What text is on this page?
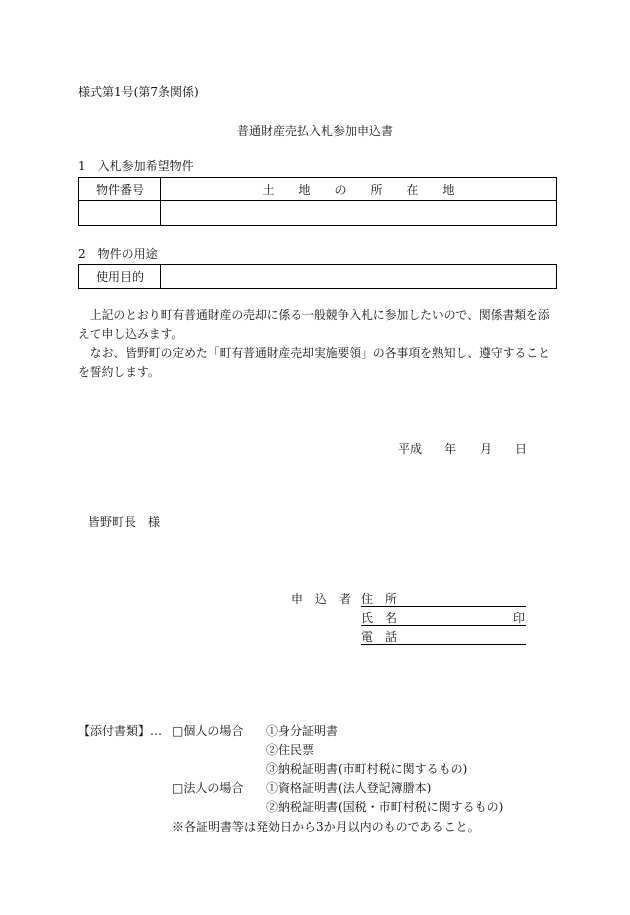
様式第1号(第7条関係)
普通財産売払入札参加申込書
1　入札参加希望物件
物件番号	土　　地　　の　　所　　在　　地
2　物件の用途
使用目的

　上記のとおり町有普通財産の売却に係る一般競争入札に参加したいので、関係書類を添えて申し込みます。

　なお、皆野町の定めた「町有普通財産売却実施要領」の各事項を熟知し、遵守することを誓約します。

平成 年 月 日
皆野町長　様
申　込　者 住　所
氏　名	印
電　話
【添付書類】… □個人の場合 ①身分証明書
②住民票
③納税証明書(市町村税に関するもの)
□法人の場合 ①資格証明書(法人登記簿謄本)
②納税証明書(国税・市町村税に関するもの)
※各証明書等は発効日から3か月以内のものであること。
